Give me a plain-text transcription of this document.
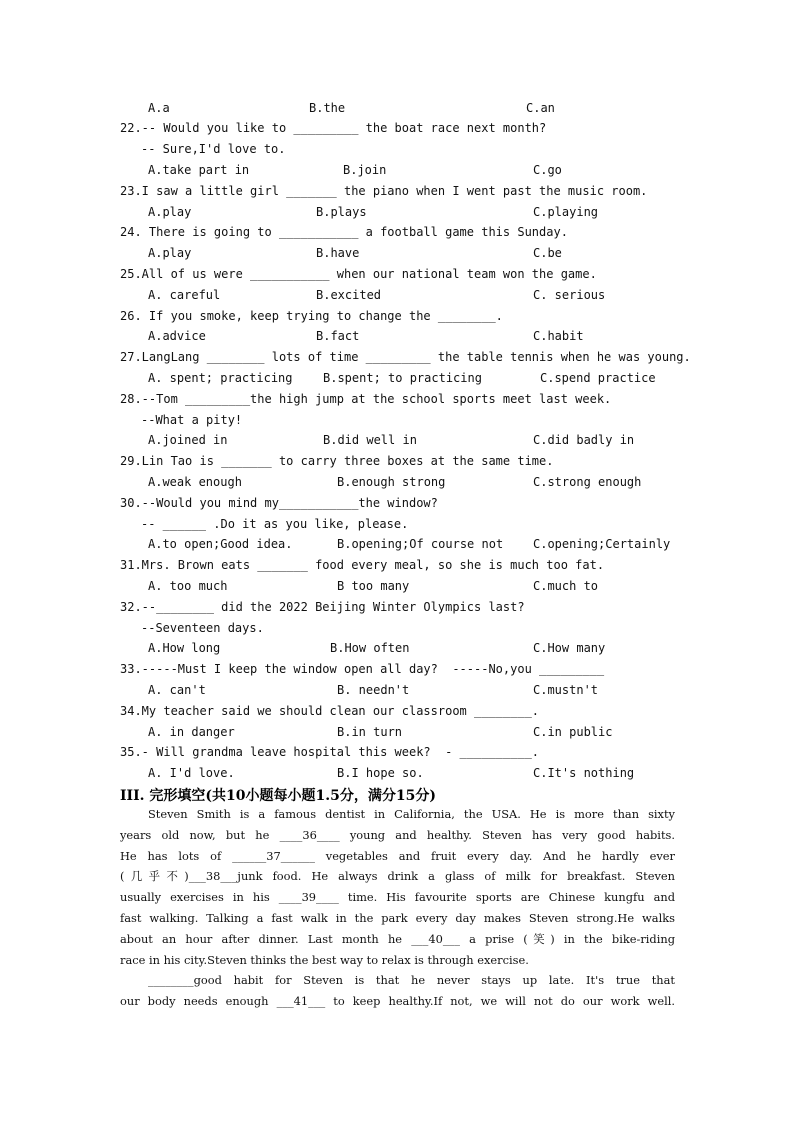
A.a	B.the	C.an
22.-- Would you like to _________ the boat race next month?
-- Sure,I'd love to.
A.take part in	B.join	C.go
23.I saw a little girl _______ the piano when I went past the music room.
A.play	B.plays	C.playing
24. There is going to ___________ a football game this Sunday.
A.play	B.have	C.be
25.All of us were ___________ when our national team won the game.
A. careful	B.excited	C. serious
26. If you smoke, keep trying to change the ________.
A.advice	B.fact	C.habit
27.LangLang ________ lots of time _________ the table tennis when he was young.
A. spent; practicing	B.spent; to practicing	C.spend practice
28.--Tom _________the high jump at the school sports meet last week.
--What a pity!
A.joined in	B.did well in	C.did badly in
29.Lin Tao is _______ to carry three boxes at the same time.
A.weak enough	B.enough strong	C.strong enough
30.--Would you mind my___________the window?
-- ______ .Do it as you like, please.
A.to open;Good idea.	B.opening;Of course not C.opening;Certainly
31.Mrs. Brown eats _______ food every meal, so she is much too fat.
A. too much	B too many	C.much to
32.--________ did the 2022 Beijing Winter Olympics last?
--Seventeen days.
A.How long	B.How often	C.How many
33.-----Must I keep the window open all day?  -----No,you _________
A. can't	B. needn't	C.mustn't
34.My teacher said we should clean our classroom ________.
A. in danger	B.in turn	C.in public
35.- Will grandma leave hospital this week?  - __________.
A. I'd love.	B.I hope so.	C.It's nothing
III. 完形填空(共10小题每小题1.5分，满分15分)

Steven Smith is a famous dentist in California, the USA. He is more than sixty

years old now, but he ____36____ young and healthy. Steven has very good habits.

He has lots of ______37______ vegetables and fruit every day. And he hardly ever

(几乎不)___38___junk food. He always drink a glass of milk for breakfast. Steven

usually exercises in his ____39____ time. His favourite sports are Chinese kungfu and

fast walking. Talking a fast walk in the park every day makes Steven strong.He walks

about an hour after dinner. Last month he ___40___ a prise (笑) in the bike-riding

race in his city.Steven thinks the best way to relax is through exercise.

________good habit for Steven is that he never stays up late. It's true that

our body needs enough ___41___ to keep healthy.If not, we will not do our work well.
